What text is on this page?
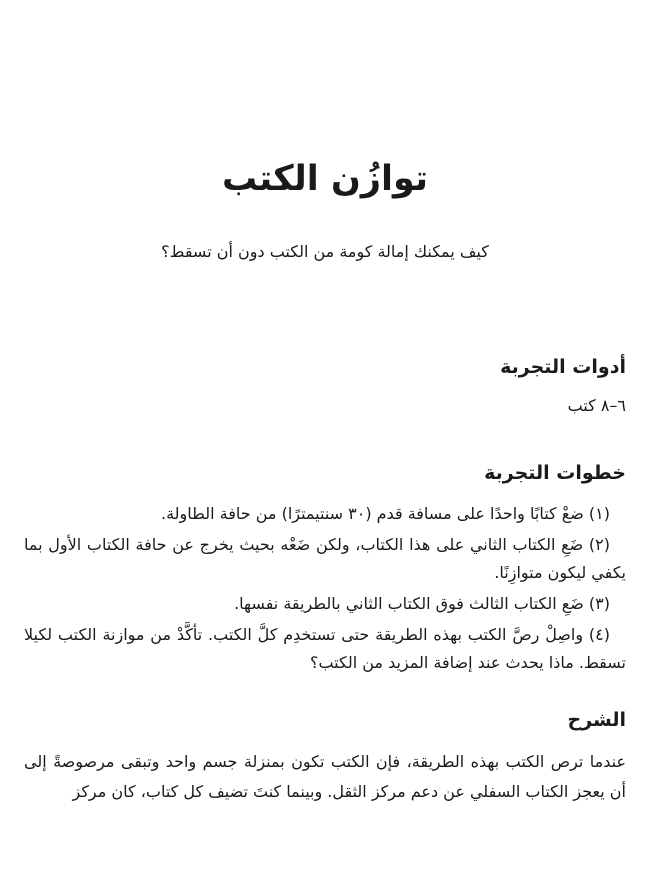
توازُن الكتب

كيف يمكنك إمالة كومة من الكتب دون أن تسقط؟

أدوات التجربة

٦–٨ كتب

خطوات التجربة

(١) ضعْ كتابًا واحدًا على مسافة قدم (٣٠ سنتيمترًا) من حافة الطاولة.

(٢) ضَعِ الكتاب الثاني على هذا الكتاب، ولكن ضَعْه بحيث يخرج عن حافة الكتاب الأول بما يكفي ليكون متوازِنًا.

(٣) ضَعِ الكتاب الثالث فوق الكتاب الثاني بالطريقة نفسها.

(٤) واصِلْ رصَّ الكتب بهذه الطريقة حتى تستخدِم كلَّ الكتب. تأكَّدْ من موازنة الكتب لكيلا تسقط. ماذا يحدث عند إضافة المزيد من الكتب؟

الشرح

عندما ترص الكتب بهذه الطريقة، فإن الكتب تكون بمنزلة جسم واحد وتبقى مرصوصةً إلى أن يعجز الكتاب السفلي عن دعم مركز الثقل. وبينما كنتَ تضيف كل كتاب، كان مركز
